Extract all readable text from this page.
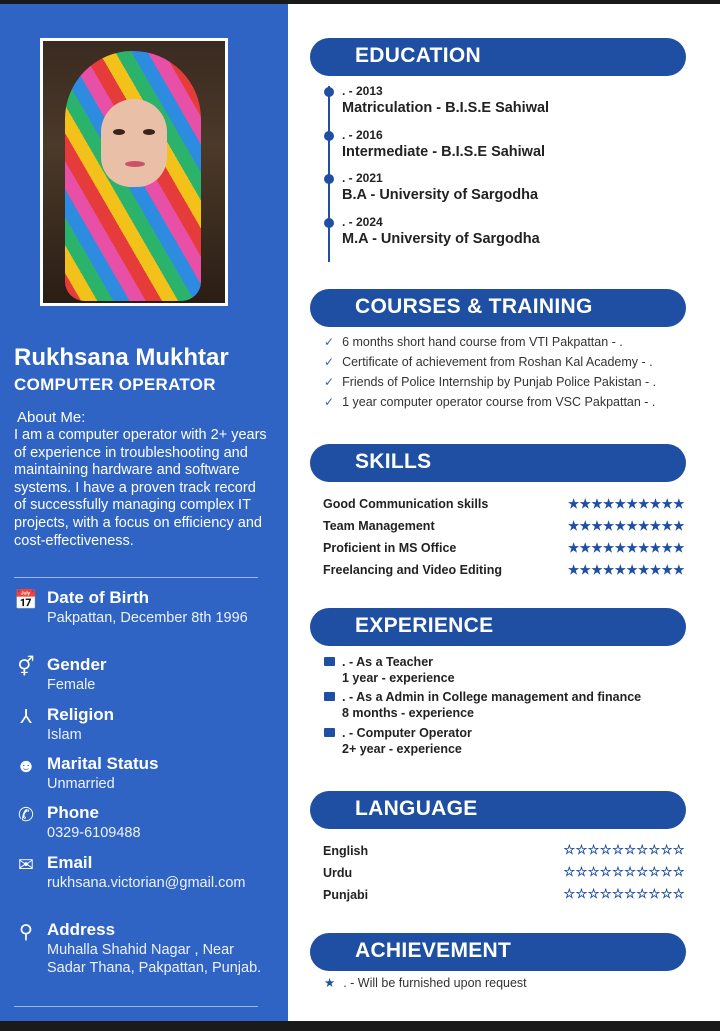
Rukhsana Mukhtar
COMPUTER OPERATOR
About Me:
I am a computer operator with 2+ years of experience in troubleshooting and maintaining hardware and software systems. I have a proven track record of successfully managing complex IT projects, with a focus on efficiency and cost-effectiveness.
📅 Date of Birth
Pakpattan, December 8th 1996
⚥ Gender
Female
⅄ Religion
Islam
☻ Marital Status
Unmarried
✆ Phone
0329-6109488
✉ Email
rukhsana.victorian@gmail.com
⚲ Address
Muhalla Shahid Nagar , Near Sadar Thana, Pakpattan, Punjab.
EDUCATION
. - 2013
Matriculation - B.I.S.E Sahiwal
. - 2016
Intermediate - B.I.S.E Sahiwal
. - 2021
B.A - University of Sargodha
. - 2024
M.A - University of Sargodha
COURSES & TRAINING
✓ 6 months short hand course from VTI Pakpattan - .
✓ Certificate of achievement from Roshan Kal Academy - .
✓ Friends of Police Internship by Punjab Police Pakistan - .
✓ 1 year computer operator course from VSC Pakpattan - .
SKILLS
Good Communication skills	★★★★★★★★★★
Team Management	★★★★★★★★★★
Proficient in MS Office	★★★★★★★★★★
Freelancing and Video Editing	★★★★★★★★★★
EXPERIENCE
. - As a Teacher
1 year - experience
. - As a Admin in College management and finance
8 months - experience
. - Computer Operator
2+ year - experience
LANGUAGE
English	☆☆☆☆☆☆☆☆☆☆
Urdu	☆☆☆☆☆☆☆☆☆☆
Punjabi	☆☆☆☆☆☆☆☆☆☆
ACHIEVEMENT
★ . - Will be furnished upon request
